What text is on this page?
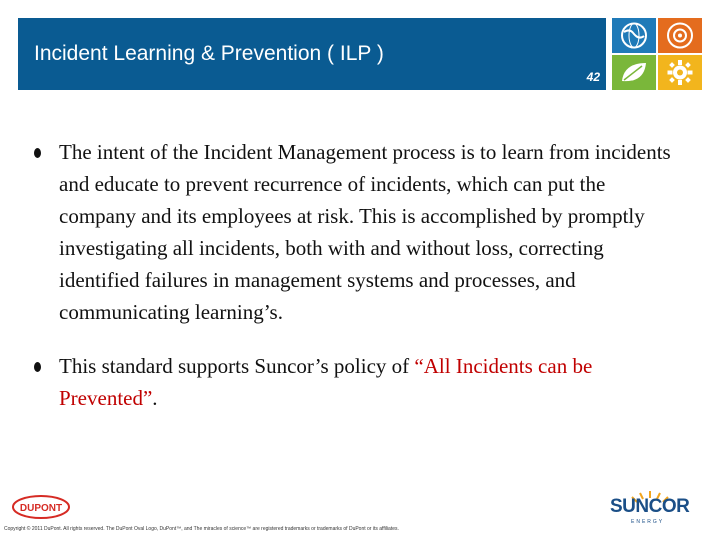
Incident Learning & Prevention ( ILP )
42
The intent of the Incident Management process is to learn from incidents and educate to prevent recurrence of incidents, which can put the company and its employees at risk. This is accomplished by promptly investigating all incidents, both with and without loss, correcting identified failures in management systems and processes, and communicating learning’s.
This standard supports Suncor’s policy of “All Incidents can be Prevented”.
DUPONT
Copyright © 2011 DuPont. All rights reserved. The DuPont Oval Logo, DuPont™, and The miracles of science™ are registered trademarks or trademarks of DuPont or its affiliates.
SUNCOR
ENERGY
